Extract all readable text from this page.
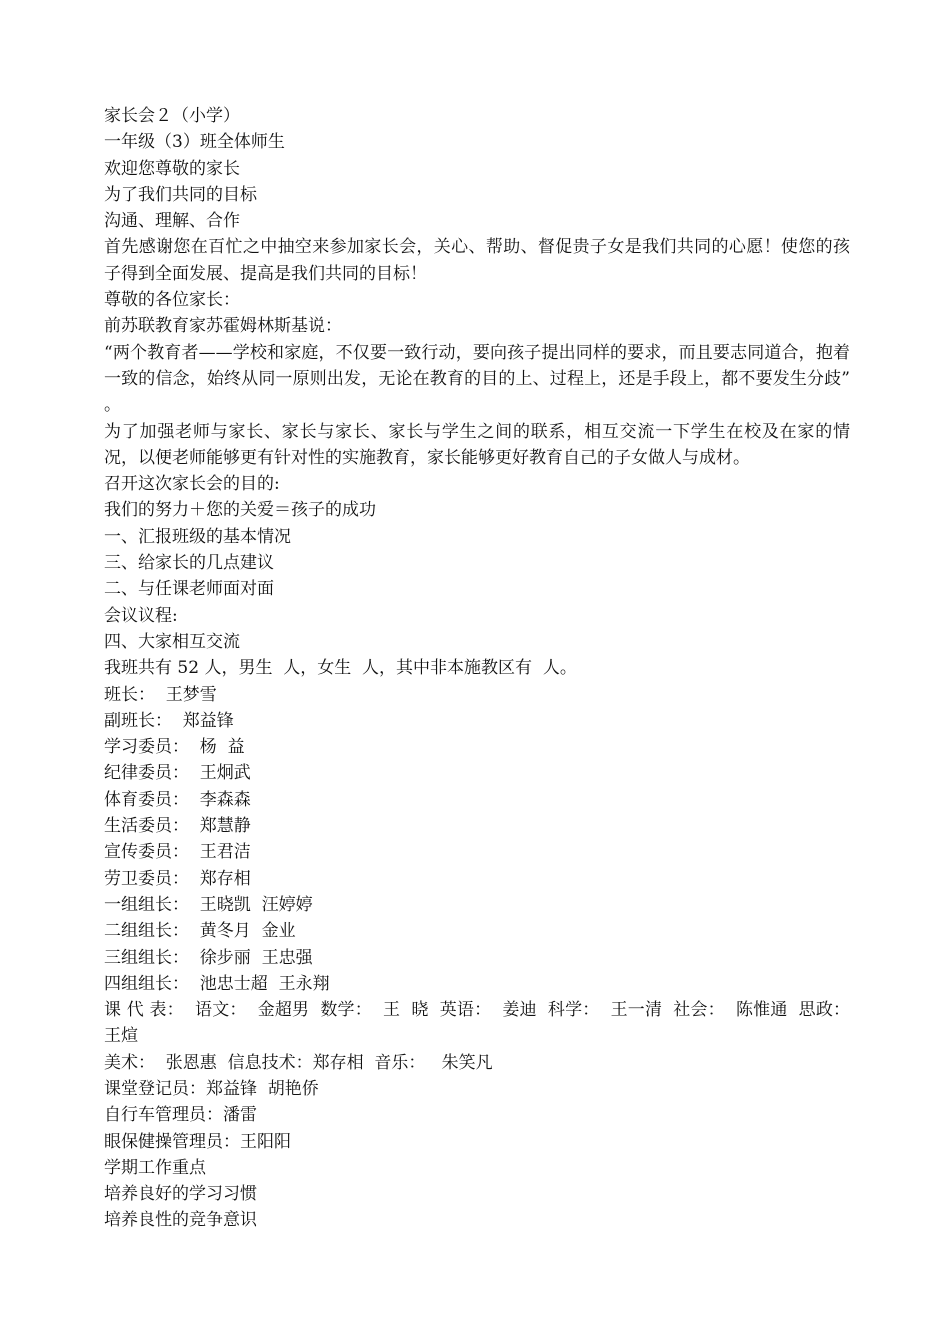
家长会２（小学）
一年级（3）班全体师生
欢迎您尊敬的家长
为了我们共同的目标
沟通、理解、合作
首先感谢您在百忙之中抽空来参加家长会，关心、帮助、督促贵子女是我们共同的心愿！使您的孩子得到全面发展、提高是我们共同的目标！
尊敬的各位家长：
前苏联教育家苏霍姆林斯基说：
“两个教育者——学校和家庭，不仅要一致行动，要向孩子提出同样的要求，而且要志同道合，抱着一致的信念，始终从同一原则出发，无论在教育的目的上、过程上，还是手段上，都不要发生分歧” 。
为了加强老师与家长、家长与家长、家长与学生之间的联系，相互交流一下学生在校及在家的情况，以便老师能够更有针对性的实施教育，家长能够更好教育自己的子女做人与成材。
召开这次家长会的目的:
我们的努力＋您的关爱＝孩子的成功
一、汇报班级的基本情况
三、给家长的几点建议
二、与任课老师面对面
会议议程:
四、大家相互交流
我班共有 52 人，男生  人，女生  人，其中非本施教区有  人。
班长：  王梦雪
副班长：  郑益锋
学习委员：  杨  益
纪律委员：  王炯武
体育委员：  李森森
生活委员：  郑慧静
宣传委员：  王君洁
劳卫委员：  郑存相
一组组长：  王晓凯  汪婷婷
二组组长：  黄冬月  金业
三组组长：  徐步丽  王忠强
四组组长：  池忠士超  王永翔
课 代 表：  语文：  金超男  数学：  王  晓  英语：  姜迪  科学：  王一清  社会：  陈惟通  思政：  王煊
美术：  张恩惠  信息技术：郑存相  音乐：   朱笑凡
课堂登记员：郑益锋  胡艳侨
自行车管理员：潘雷
眼保健操管理员：王阳阳
学期工作重点
培养良好的学习习惯
培养良性的竞争意识
